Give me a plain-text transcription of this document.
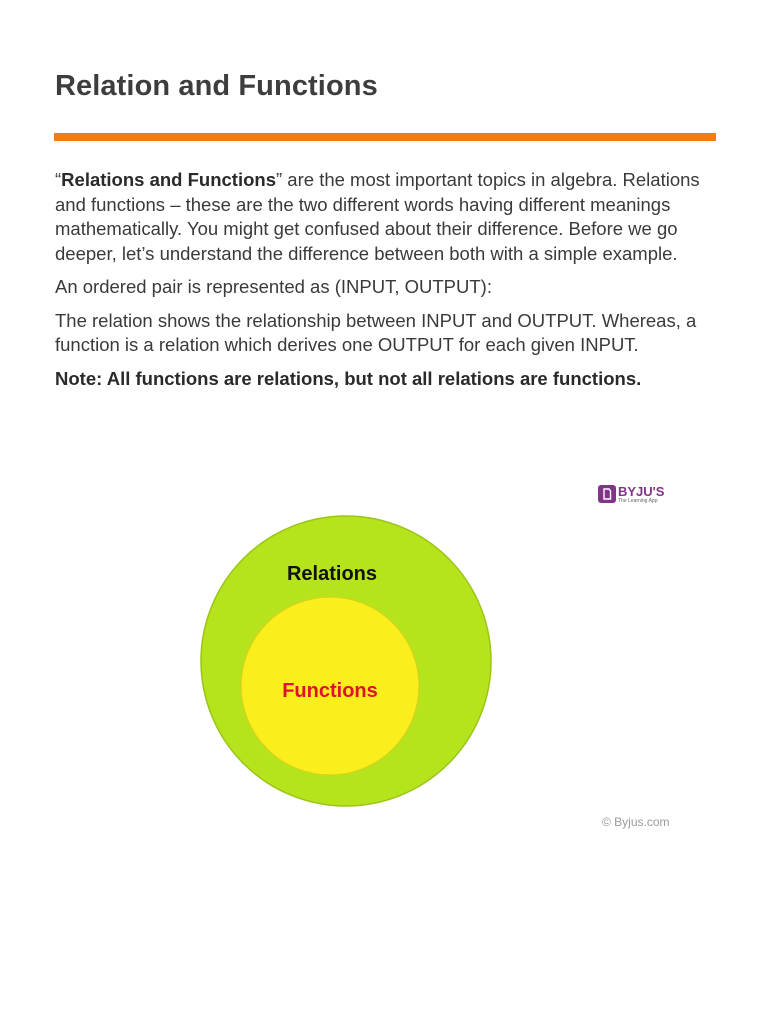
Relation and Functions

“Relations and Functions” are the most important topics in algebra. Relations and functions – these are the two different words having different meanings mathematically. You might get confused about their difference. Before we go deeper, let’s understand the difference between both with a simple example.

An ordered pair is represented as (INPUT, OUTPUT):

The relation shows the relationship between INPUT and OUTPUT. Whereas, a function is a relation which derives one OUTPUT for each given INPUT.

Note: All functions are relations, but not all relations are functions.

Relations
Functions
BYJU'S
The Learning App
© Byjus.com
